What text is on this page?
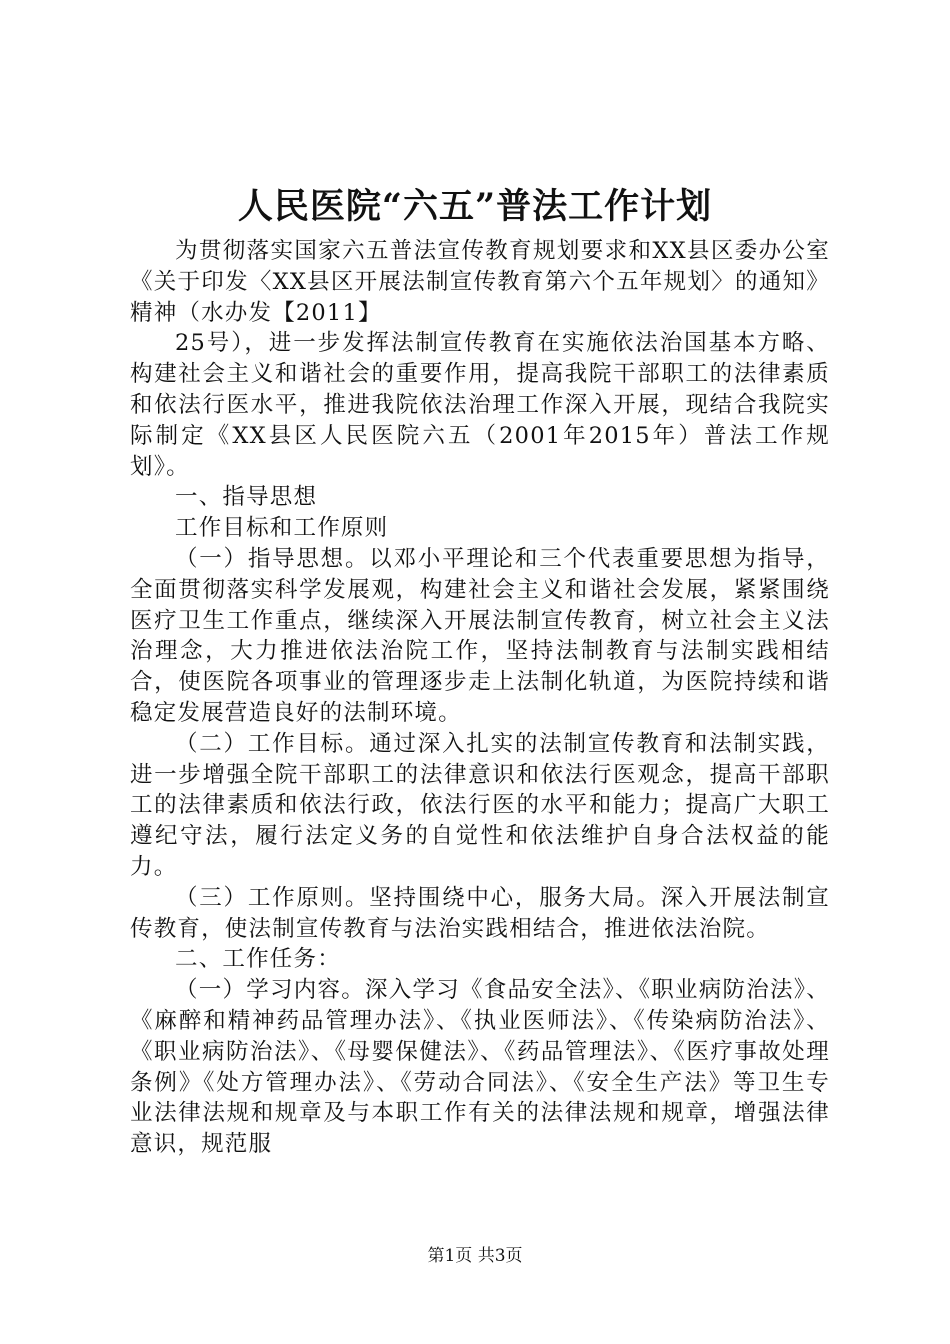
人民医院“六五”普法工作计划

为贯彻落实国家六五普法宣传教育规划要求和XX县区委办公室《关于印发〈XX县区开展法制宣传教育第六个五年规划〉的通知》精神（水办发【2011】

25号），进一步发挥法制宣传教育在实施依法治国基本方略、构建社会主义和谐社会的重要作用，提高我院干部职工的法律素质和依法行医水平，推进我院依法治理工作深入开展，现结合我院实际制定《XX县区人民医院六五（2001年2015年）普法工作规划》。

一、指导思想

工作目标和工作原则

（一）指导思想。以邓小平理论和三个代表重要思想为指导，全面贯彻落实科学发展观，构建社会主义和谐社会发展，紧紧围绕医疗卫生工作重点，继续深入开展法制宣传教育，树立社会主义法治理念，大力推进依法治院工作，坚持法制教育与法制实践相结合，使医院各项事业的管理逐步走上法制化轨道，为医院持续和谐稳定发展营造良好的法制环境。

（二）工作目标。通过深入扎实的法制宣传教育和法制实践，进一步增强全院干部职工的法律意识和依法行医观念，提高干部职工的法律素质和依法行政，依法行医的水平和能力；提高广大职工遵纪守法，履行法定义务的自觉性和依法维护自身合法权益的能力。

（三）工作原则。坚持围绕中心，服务大局。深入开展法制宣传教育，使法制宣传教育与法治实践相结合，推进依法治院。

二、工作任务：

（一）学习内容。深入学习《食品安全法》、《职业病防治法》、《麻醉和精神药品管理办法》、《执业医师法》、《传染病防治法》、《职业病防治法》、《母婴保健法》、《药品管理法》、《医疗事故处理条例》《处方管理办法》、《劳动合同法》、《安全生产法》等卫生专业法律法规和规章及与本职工作有关的法律法规和规章，增强法律意识，规范服

第1页 共3页
